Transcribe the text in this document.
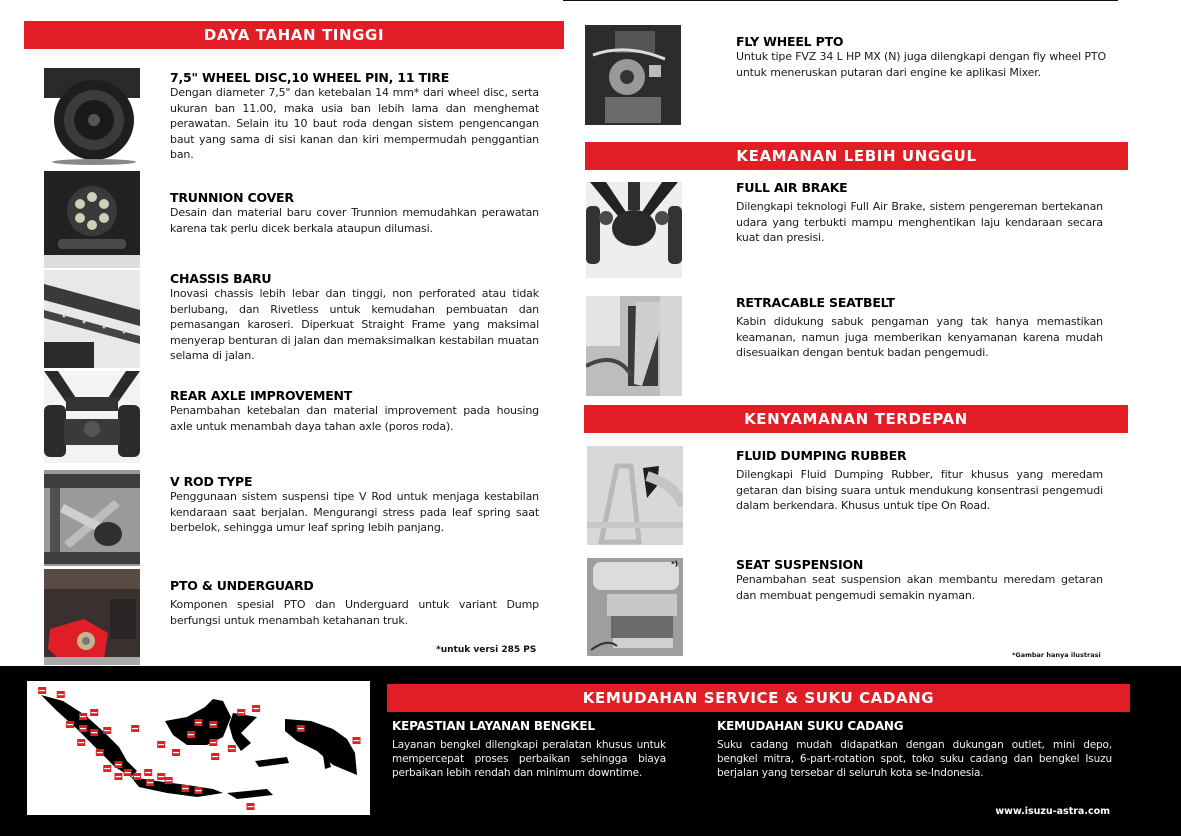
DAYA TAHAN TINGGI
7,5" WHEEL DISC,10 WHEEL PIN, 11 TIRE

Dengan diameter 7,5" dan ketebalan 14 mm* dari wheel disc, serta ukuran ban 11.00, maka usia ban lebih lama dan menghemat perawatan. Selain itu 10 baut roda dengan sistem pengencangan baut yang sama di sisi kanan dan kiri mempermudah penggantian ban.

TRUNNION COVER

Desain dan material baru cover Trunnion memudahkan perawatan karena tak perlu dicek berkala ataupun dilumasi.

CHASSIS BARU

Inovasi chassis lebih lebar dan tinggi, non perforated atau tidak berlubang, dan Rivetless untuk kemudahan pembuatan dan pemasangan karoseri. Diperkuat Straight Frame yang maksimal menyerap benturan di jalan dan memaksimalkan kestabilan muatan selama di jalan.

REAR AXLE IMPROVEMENT

Penambahan ketebalan dan material improvement pada housing axle untuk menambah daya tahan axle (poros roda).

V ROD TYPE

Penggunaan sistem suspensi tipe V Rod untuk menjaga kestabilan kendaraan saat berjalan. Mengurangi stress pada leaf spring saat berbelok, sehingga umur leaf spring lebih panjang.

PTO & UNDERGUARD

Komponen spesial PTO dan Underguard untuk variant Dump berfungsi untuk menambah ketahanan truk.

*untuk versi 285 PS
FLY WHEEL PTO

Untuk tipe FVZ 34 L HP MX (N) juga dilengkapi dengan fly wheel PTO untuk meneruskan putaran dari engine ke aplikasi Mixer.

KEAMANAN LEBIH UNGGUL
FULL AIR BRAKE

Dilengkapi teknologi Full Air Brake, sistem pengereman bertekanan udara yang terbukti mampu menghentikan laju kendaraan secara kuat dan presisi.

RETRACABLE SEATBELT

Kabin didukung sabuk pengaman yang tak hanya memastikan keamanan, namun juga memberikan kenyamanan karena mudah disesuaikan dengan bentuk badan pengemudi.

KENYAMANAN TERDEPAN
FLUID DUMPING RUBBER

Dilengkapi Fluid Dumping Rubber, fitur khusus yang meredam getaran dan bising suara untuk mendukung konsentrasi pengemudi dalam berkendara. Khusus untuk tipe On Road.

*)	SEAT SUSPENSION

Penambahan seat suspension akan membantu meredam getaran dan membuat pengemudi semakin nyaman.

*Gambar hanya ilustrasi
KEMUDAHAN SERVICE & SUKU CADANG
KEPASTIAN LAYANAN BENGKEL

Layanan bengkel dilengkapi peralatan khusus untuk mempercepat proses perbaikan sehingga biaya perbaikan lebih rendah dan minimum downtime.

KEMUDAHAN SUKU CADANG

Suku cadang mudah didapatkan dengan dukungan outlet, mini depo, bengkel mitra, 6-part-rotation spot, toko suku cadang dan bengkel Isuzu berjalan yang tersebar di seluruh kota se-Indonesia.

www.isuzu-astra.com
